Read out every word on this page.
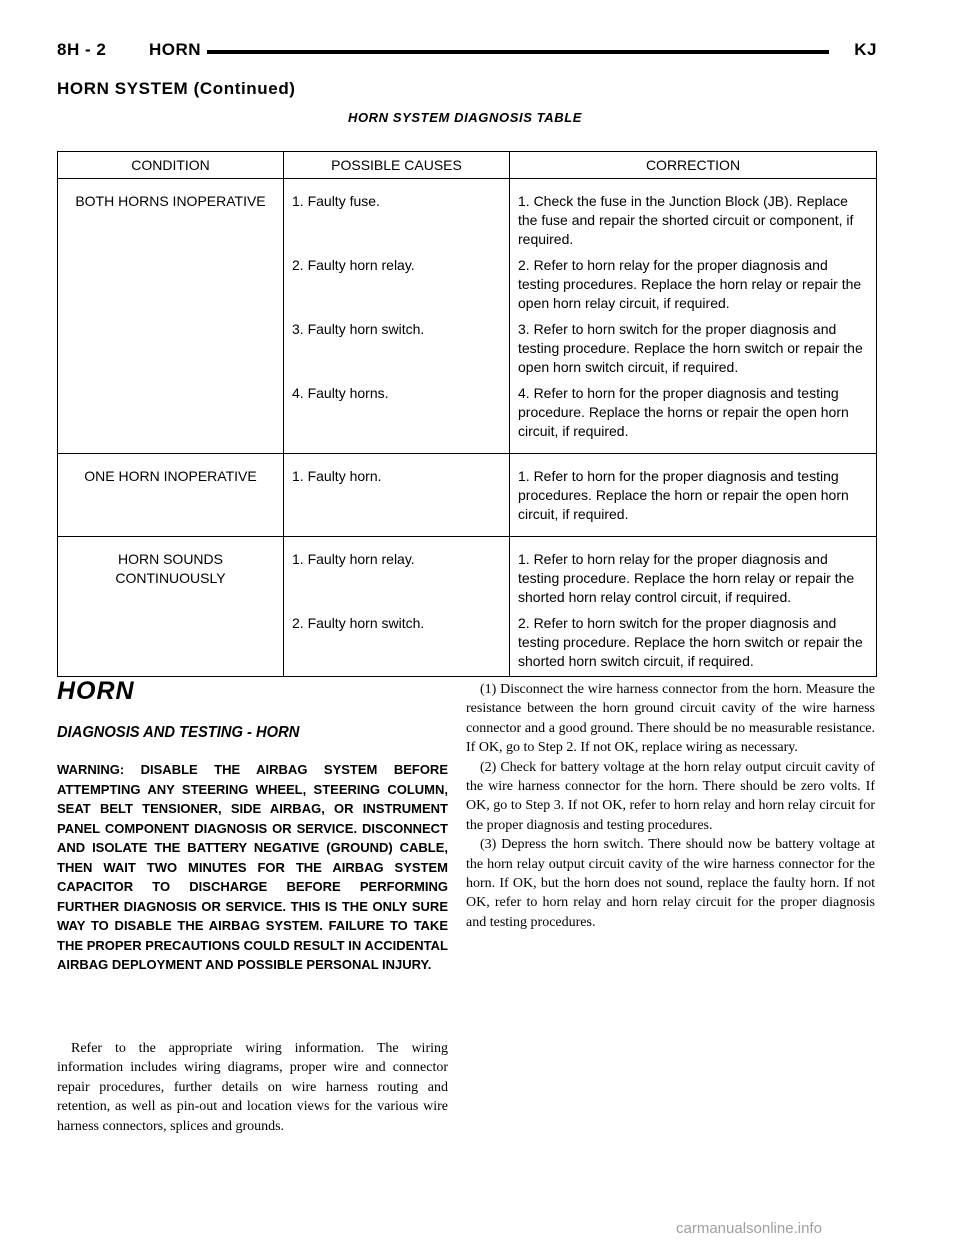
8H - 2	HORN	KJ
HORN SYSTEM (Continued)
HORN SYSTEM DIAGNOSIS TABLE
CONDITION	POSSIBLE CAUSES	CORRECTION
BOTH HORNS INOPERATIVE	1. Faulty fuse.	1. Check the fuse in the Junction Block (JB). Replace the fuse and repair the shorted circuit or component, if required.
	2. Faulty horn relay.	2. Refer to horn relay for the proper diagnosis and testing procedures. Replace the horn relay or repair the open horn relay circuit, if required.
	3. Faulty horn switch.	3. Refer to horn switch for the proper diagnosis and testing procedure. Replace the horn switch or repair the open horn switch circuit, if required.
	4. Faulty horns.	4. Refer to horn for the proper diagnosis and testing procedure. Replace the horns or repair the open horn circuit, if required.
ONE HORN INOPERATIVE	1. Faulty horn.	1. Refer to horn for the proper diagnosis and testing procedures. Replace the horn or repair the open horn circuit, if required.
HORN SOUNDS CONTINUOUSLY	1. Faulty horn relay.	1. Refer to horn relay for the proper diagnosis and testing procedure. Replace the horn relay or repair the shorted horn relay control circuit, if required.
	2. Faulty horn switch.	2. Refer to horn switch for the proper diagnosis and testing procedure. Replace the horn switch or repair the shorted horn switch circuit, if required.
HORN
DIAGNOSIS AND TESTING - HORN
WARNING: DISABLE THE AIRBAG SYSTEM BEFORE ATTEMPTING ANY STEERING WHEEL, STEERING COLUMN, SEAT BELT TENSIONER, SIDE AIRBAG, OR INSTRUMENT PANEL COMPONENT DIAGNOSIS OR SERVICE. DISCONNECT AND ISOLATE THE BATTERY NEGATIVE (GROUND) CABLE, THEN WAIT TWO MINUTES FOR THE AIRBAG SYSTEM CAPACITOR TO DISCHARGE BEFORE PERFORMING FURTHER DIAGNOSIS OR SERVICE. THIS IS THE ONLY SURE WAY TO DISABLE THE AIRBAG SYSTEM. FAILURE TO TAKE THE PROPER PRECAUTIONS COULD RESULT IN ACCIDENTAL AIRBAG DEPLOYMENT AND POSSIBLE PERSONAL INJURY.

Refer to the appropriate wiring information. The wiring information includes wiring diagrams, proper wire and connector repair procedures, further details on wire harness routing and retention, as well as pin-out and location views for the various wire harness connectors, splices and grounds.

(1) Disconnect the wire harness connector from the horn. Measure the resistance between the horn ground circuit cavity of the wire harness connector and a good ground. There should be no measurable resistance. If OK, go to Step 2. If not OK, replace wiring as necessary.

(2) Check for battery voltage at the horn relay output circuit cavity of the wire harness connector for the horn. There should be zero volts. If OK, go to Step 3. If not OK, refer to horn relay and horn relay circuit for the proper diagnosis and testing procedures.

(3) Depress the horn switch. There should now be battery voltage at the horn relay output circuit cavity of the wire harness connector for the horn. If OK, but the horn does not sound, replace the faulty horn. If not OK, refer to horn relay and horn relay circuit for the proper diagnosis and testing procedures.

carmanualsonline.info
